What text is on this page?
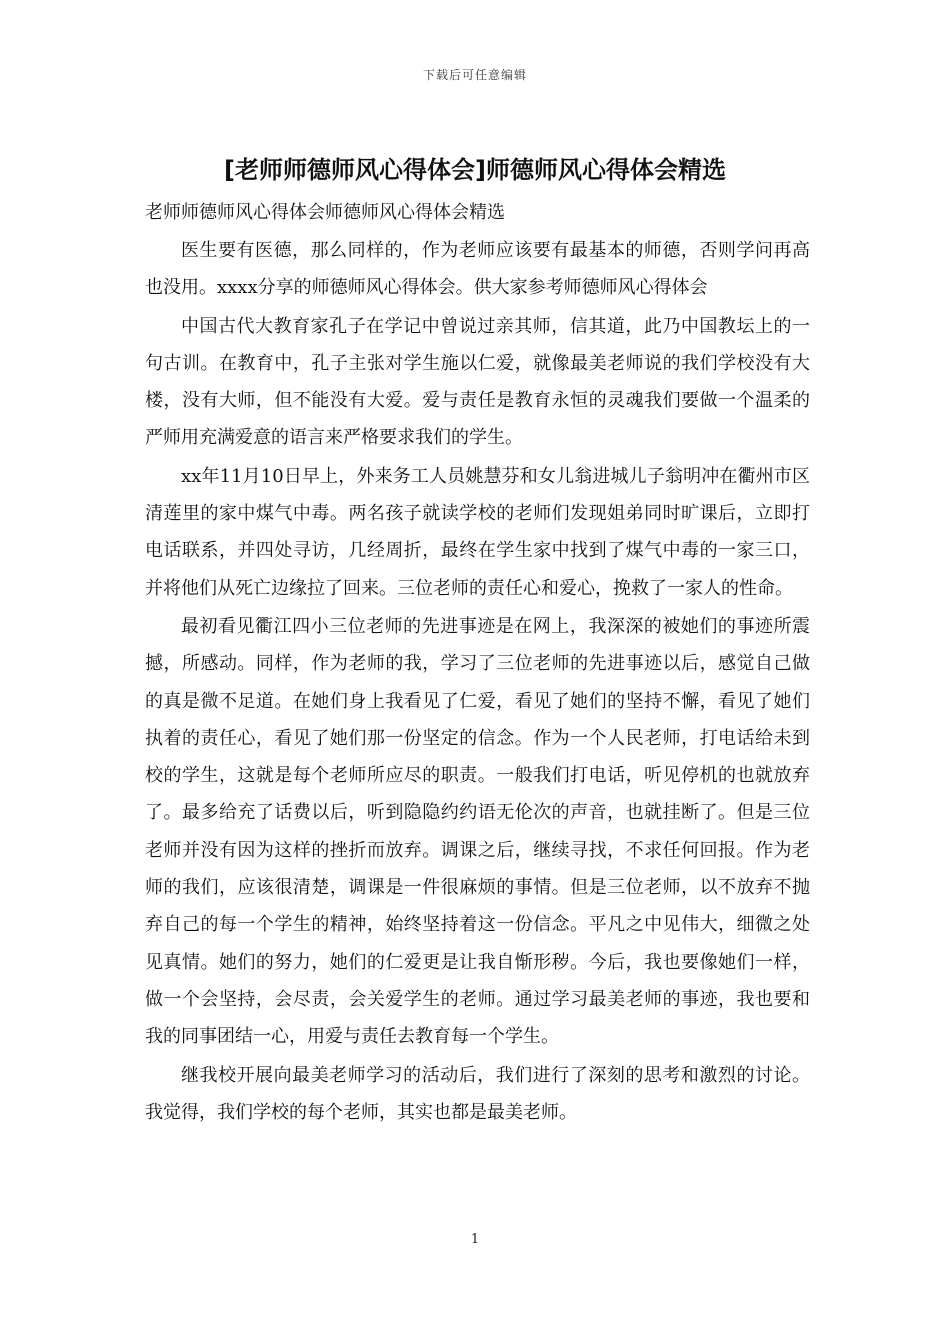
下载后可任意编辑
[老师师德师风心得体会]师德师风心得体会精选

老师师德师风心得体会师德师风心得体会精选

医生要有医德，那么同样的，作为老师应该要有最基本的师德，否则学问再高也没用。xxxx分享的师德师风心得体会。供大家参考师德师风心得体会

中国古代大教育家孔子在学记中曾说过亲其师，信其道，此乃中国教坛上的一句古训。在教育中，孔子主张对学生施以仁爱，就像最美老师说的我们学校没有大楼，没有大师，但不能没有大爱。爱与责任是教育永恒的灵魂我们要做一个温柔的严师用充满爱意的语言来严格要求我们的学生。

xx年11月10日早上，外来务工人员姚慧芬和女儿翁进城儿子翁明冲在衢州市区清莲里的家中煤气中毒。两名孩子就读学校的老师们发现姐弟同时旷课后，立即打电话联系，并四处寻访，几经周折，最终在学生家中找到了煤气中毒的一家三口，并将他们从死亡边缘拉了回来。三位老师的责任心和爱心，挽救了一家人的性命。

最初看见衢江四小三位老师的先进事迹是在网上，我深深的被她们的事迹所震撼，所感动。同样，作为老师的我，学习了三位老师的先进事迹以后，感觉自己做的真是微不足道。在她们身上我看见了仁爱，看见了她们的坚持不懈，看见了她们执着的责任心，看见了她们那一份坚定的信念。作为一个人民老师，打电话给未到校的学生，这就是每个老师所应尽的职责。一般我们打电话，听见停机的也就放弃了。最多给充了话费以后，听到隐隐约约语无伦次的声音，也就挂断了。但是三位老师并没有因为这样的挫折而放弃。调课之后，继续寻找，不求任何回报。作为老师的我们，应该很清楚，调课是一件很麻烦的事情。但是三位老师，以不放弃不抛弃自己的每一个学生的精神，始终坚持着这一份信念。平凡之中见伟大，细微之处见真情。她们的努力，她们的仁爱更是让我自惭形秽。今后，我也要像她们一样，做一个会坚持，会尽责，会关爱学生的老师。通过学习最美老师的事迹，我也要和我的同事团结一心，用爱与责任去教育每一个学生。

继我校开展向最美老师学习的活动后，我们进行了深刻的思考和激烈的讨论。我觉得，我们学校的每个老师，其实也都是最美老师。

1
